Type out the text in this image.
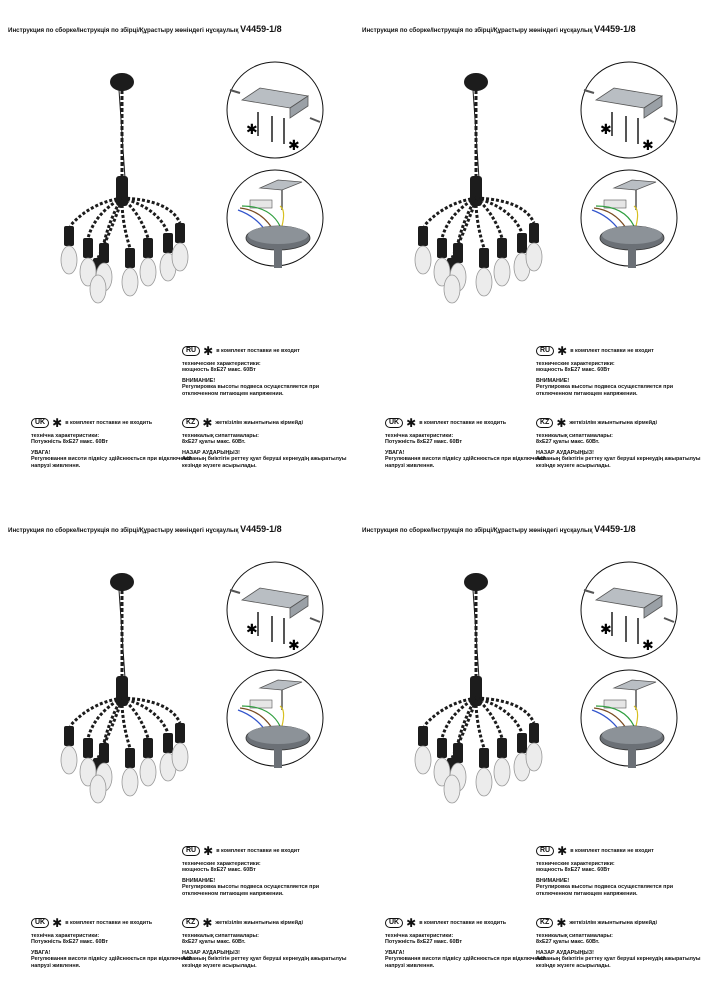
Инструкция по сборке/Інструкція по збірці/Құрастыру жөніндегі нұсқаулық V4459-1/8
✱
✱
RU ✱ в комплект поставки не входит

технические характеристики:
мощность 8хЕ27 макс. 60Вт

ВНИМАНИЕ!
Регулировка высоты подвеса осуществляется при отключенном питающем напряжении.

UK ✱ в комплект поставки не входить

технічна характеристики:
Потужність 8хЕ27 макс. 60Вт

УВАГА!
Регулювання висоти підвісу здійснюється при відключеній напрузі живлення.

KZ ✱ жеткізілім жиынтығына кірмейді

техникалық сипаттамалары:
8хЕ27 қуаты макс. 60Вт.

НАЗАР АУДАРЫҢЫЗ!
Аспаның биіктігін реттеу қуат беруші кернеудің ажыратылуы кезінде жүзеге асырылады.

Инструкция по сборке/Інструкція по збірці/Құрастыру жөніндегі нұсқаулық V4459-1/8
✱
✱
RU ✱ в комплект поставки не входит

технические характеристики:
мощность 8хЕ27 макс. 60Вт

ВНИМАНИЕ!
Регулировка высоты подвеса осуществляется при отключенном питающем напряжении.

UK ✱ в комплект поставки не входить

технічна характеристики:
Потужність 8хЕ27 макс. 60Вт

УВАГА!
Регулювання висоти підвісу здійснюється при відключеній напрузі живлення.

KZ ✱ жеткізілім жиынтығына кірмейді

техникалық сипаттамалары:
8хЕ27 қуаты макс. 60Вт.

НАЗАР АУДАРЫҢЫЗ!
Аспаның биіктігін реттеу қуат беруші кернеудің ажыратылуы кезінде жүзеге асырылады.

Инструкция по сборке/Інструкція по збірці/Құрастыру жөніндегі нұсқаулық V4459-1/8
✱
✱
RU ✱ в комплект поставки не входит

технические характеристики:
мощность 8хЕ27 макс. 60Вт

ВНИМАНИЕ!
Регулировка высоты подвеса осуществляется при отключенном питающем напряжении.

UK ✱ в комплект поставки не входить

технічна характеристики:
Потужність 8хЕ27 макс. 60Вт

УВАГА!
Регулювання висоти підвісу здійснюється при відключеній напрузі живлення.

KZ ✱ жеткізілім жиынтығына кірмейді

техникалық сипаттамалары:
8хЕ27 қуаты макс. 60Вт.

НАЗАР АУДАРЫҢЫЗ!
Аспаның биіктігін реттеу қуат беруші кернеудің ажыратылуы кезінде жүзеге асырылады.

Инструкция по сборке/Інструкція по збірці/Құрастыру жөніндегі нұсқаулық V4459-1/8
✱
✱
RU ✱ в комплект поставки не входит

технические характеристики:
мощность 8хЕ27 макс. 60Вт

ВНИМАНИЕ!
Регулировка высоты подвеса осуществляется при отключенном питающем напряжении.

UK ✱ в комплект поставки не входить

технічна характеристики:
Потужність 8хЕ27 макс. 60Вт

УВАГА!
Регулювання висоти підвісу здійснюється при відключеній напрузі живлення.

KZ ✱ жеткізілім жиынтығына кірмейді

техникалық сипаттамалары:
8хЕ27 қуаты макс. 60Вт.

НАЗАР АУДАРЫҢЫЗ!
Аспаның биіктігін реттеу қуат беруші кернеудің ажыратылуы кезінде жүзеге асырылады.
